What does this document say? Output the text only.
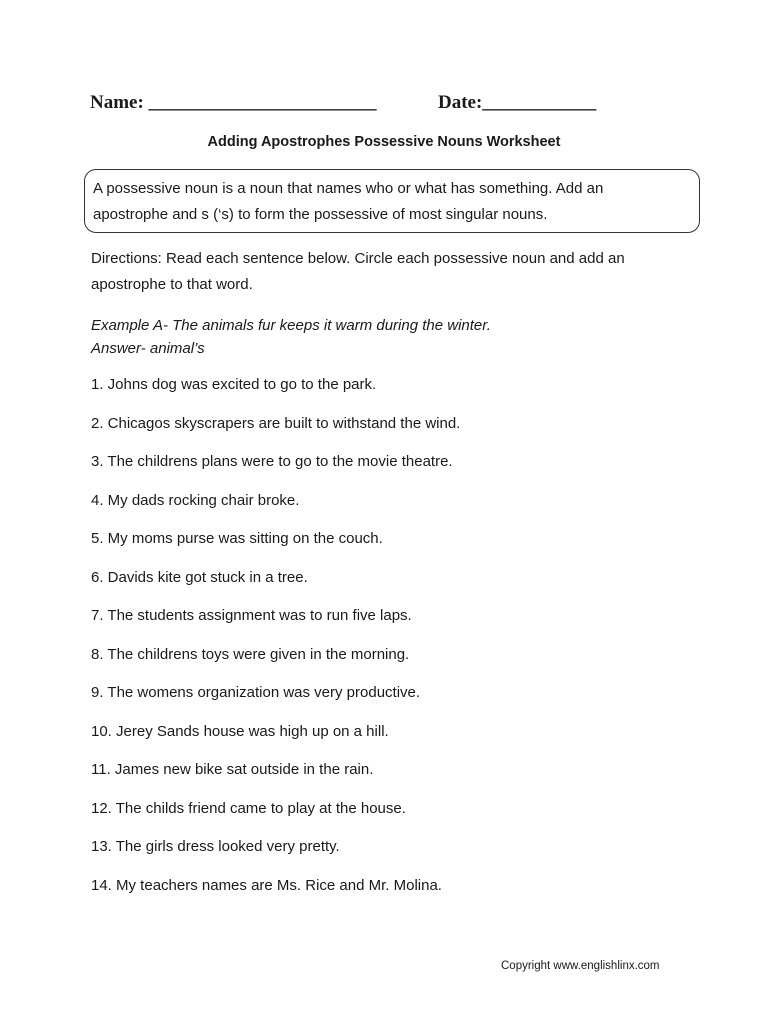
Name: ________________________	Date:____________
Adding Apostrophes Possessive Nouns Worksheet
A possessive noun is a noun that names who or what has something. Add an
apostrophe and s (‘s) to form the possessive of most singular nouns.
Directions: Read each sentence below. Circle each possessive noun and add an
apostrophe to that word.
Example A- The animals fur keeps it warm during the winter.
Answer- animal’s
1. Johns dog was excited to go to the park.
2. Chicagos skyscrapers are built to withstand the wind.
3. The childrens plans were to go to the movie theatre.
4. My dads rocking chair broke.
5. My moms purse was sitting on the couch.
6. Davids kite got stuck in a tree.
7. The students assignment was to run five laps.
8. The childrens toys were given in the morning.
9. The womens organization was very productive.
10. Jerey Sands house was high up on a hill.
11. James new bike sat outside in the rain.
12. The childs friend came to play at the house.
13. The girls dress looked very pretty.
14. My teachers names are Ms. Rice and Mr. Molina.
Copyright www.englishlinx.com
